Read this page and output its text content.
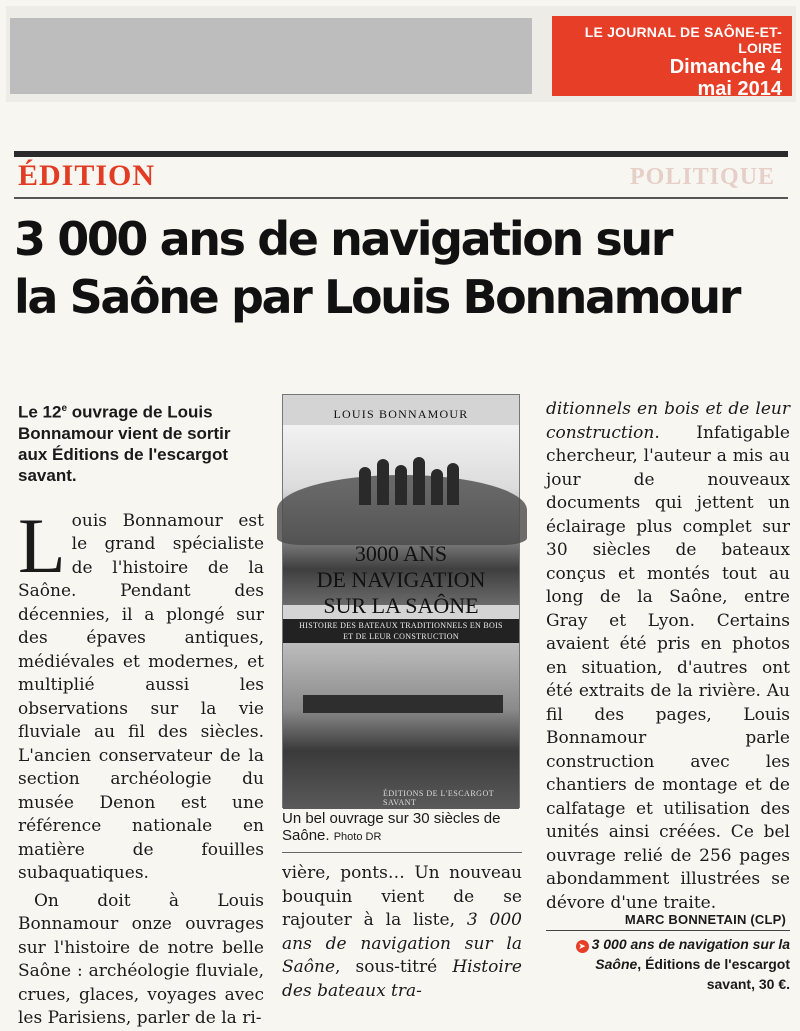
LE JOURNAL DE SAÔNE-ET-LOIRE
Dimanche 4
mai 2014
ÉDITION	POLITIQUE
3 000 ans de navigation sur
la Saône par Louis Bonnamour

Le 12e ouvrage de Louis Bonnamour vient de sortir aux Éditions de l'escargot savant.

Louis Bonnamour est le grand spécialiste de l'histoire de la Saône. Pendant des décennies, il a plongé sur des épaves antiques, médiévales et modernes, et multiplié aussi les observations sur la vie fluviale au fil des siècles. L'ancien conservateur de la section archéologie du musée Denon est une référence nationale en matière de fouilles subaquatiques.

On doit à Louis Bonnamour onze ouvrages sur l'histoire de notre belle Saône : archéologie fluviale, crues, glaces, voyages avec les Parisiens, parler de la ri-

LOUIS BONNAMOUR
3000 ANS
DE NAVIGATION
SUR LA SAÔNE
HISTOIRE DES BATEAUX TRADITIONNELS EN BOIS
ET DE LEUR CONSTRUCTION
ÉDITIONS DE L'ESCARGOT SAVANT
Un bel ouvrage sur 30 siècles de Saône. Photo DR
vière, ponts… Un nouveau bouquin vient de se rajouter à la liste, 3 000 ans de navigation sur la Saône, sous-titré Histoire des bateaux tra-
ditionnels en bois et de leur construction. Infatigable chercheur, l'auteur a mis au jour de nouveaux documents qui jettent un éclairage plus complet sur 30 siècles de bateaux conçus et montés tout au long de la Saône, entre Gray et Lyon. Certains avaient été pris en photos en situation, d'autres ont été extraits de la rivière. Au fil des pages, Louis Bonnamour parle construction avec les chantiers de montage et de calfatage et utilisation des unités ainsi créées. Ce bel ouvrage relié de 256 pages abondamment illustrées se dévore d'une traite.
MARC BONNETAIN (CLP)
➤ 3 000 ans de navigation sur la Saône, Éditions de l'escargot savant, 30 €.
